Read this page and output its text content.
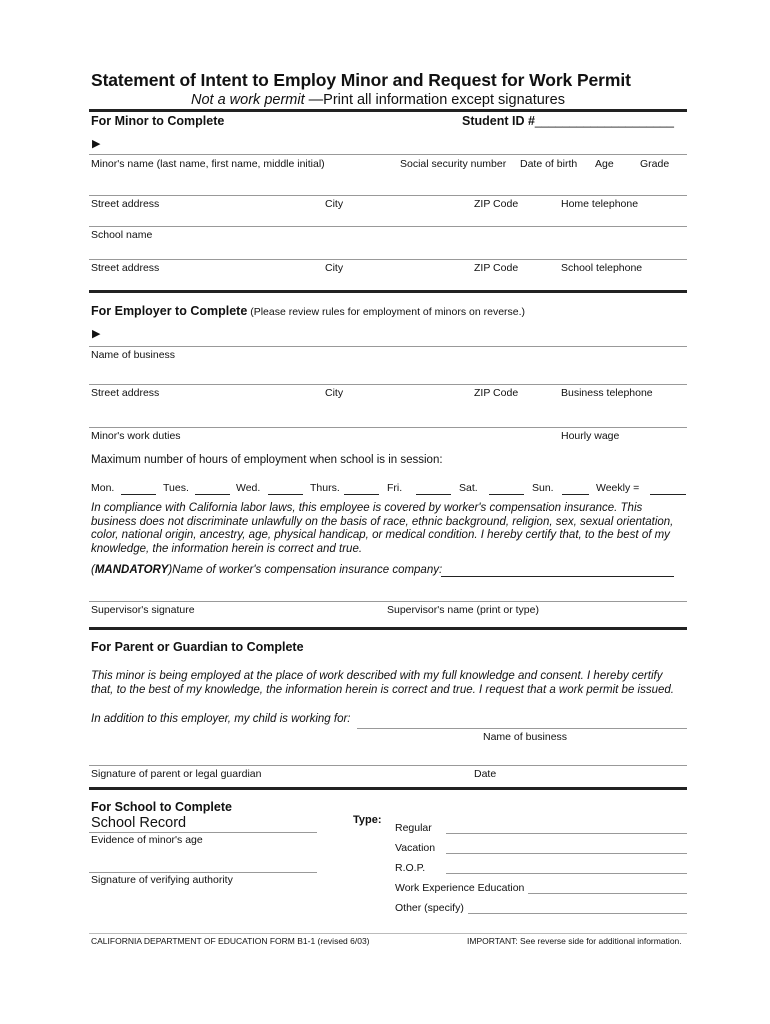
Statement of Intent to Employ Minor and Request for Work Permit
Not a work permit —Print all information except signatures
For Minor to Complete	Student ID #____________________
▶
Minor's name (last name, first name, middle initial)	Social security number Date of birth Age	Grade
Street address	City	ZIP Code	Home telephone
School name
Street address	City	ZIP Code	School telephone
For Employer to Complete (Please review rules for employment of minors on reverse.)
▶
Name of business
Street address	City	ZIP Code	Business telephone
Minor's work duties	Hourly wage
Maximum number of hours of employment when school is in session:
Mon.	Tues.	Wed.	Thurs.	Fri.	Sat.	Sun.	Weekly =
In compliance with California labor laws, this employee is covered by worker's compensation insurance. This business does not discriminate unlawfully on the basis of race, ethnic background, religion, sex, sexual orientation, color, national origin, ancestry, age, physical handicap, or medical condition. I hereby certify that, to the best of my knowledge, the information herein is correct and true.
(MANDATORY)Name of worker's compensation insurance company:
Supervisor's signature	Supervisor's name (print or type)
For Parent or Guardian to Complete
This minor is being employed at the place of work described with my full knowledge and consent. I hereby certify that, to the best of my knowledge, the information herein is correct and true. I request that a work permit be issued.
In addition to this employer, my child is working for:
Name of business
Signature of parent or legal guardian	Date
For School to Complete
School Record
Evidence of minor's age
Signature of verifying authority
Type:
Regular
Vacation
R.O.P.
Work Experience Education
Other (specify)
CALIFORNIA DEPARTMENT OF EDUCATION FORM B1-1 (revised 6/03)	IMPORTANT: See reverse side for additional information.
